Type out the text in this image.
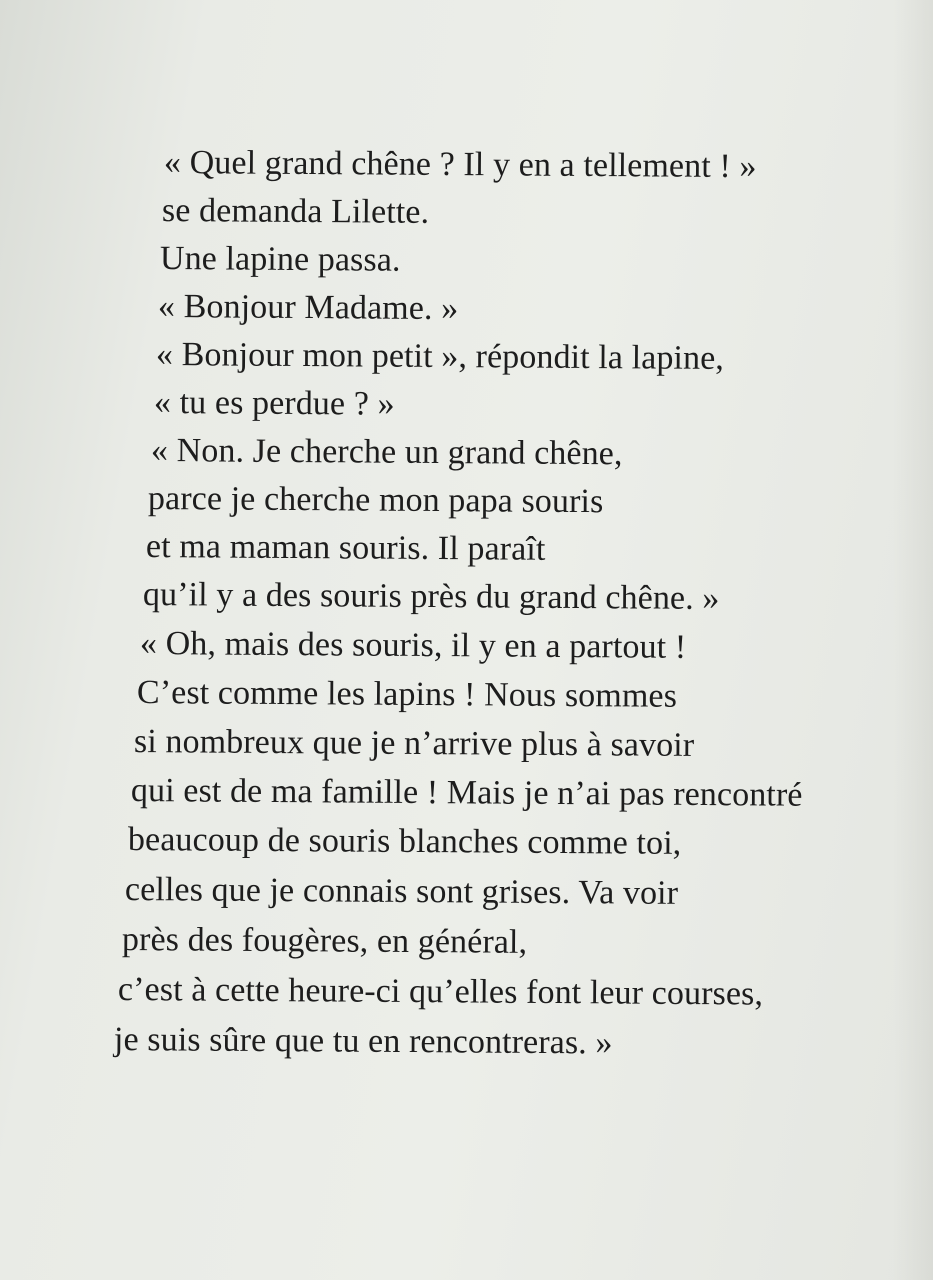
« Quel grand chêne ? Il y en a tellement ! »
se demanda Lilette.
Une lapine passa.
« Bonjour Madame. »
« Bonjour mon petit », répondit la lapine,
« tu es perdue ? »
« Non. Je cherche un grand chêne,
parce je cherche mon papa souris
et ma maman souris. Il paraît
qu’il y a des souris près du grand chêne. »
« Oh, mais des souris, il y en a partout !
C’est comme les lapins ! Nous sommes
si nombreux que je n’arrive plus à savoir
qui est de ma famille ! Mais je n’ai pas rencontré
beaucoup de souris blanches comme toi,
celles que je connais sont grises. Va voir
près des fougères, en général,
c’est à cette heure-ci qu’elles font leur courses,
je suis sûre que tu en rencontreras. »
